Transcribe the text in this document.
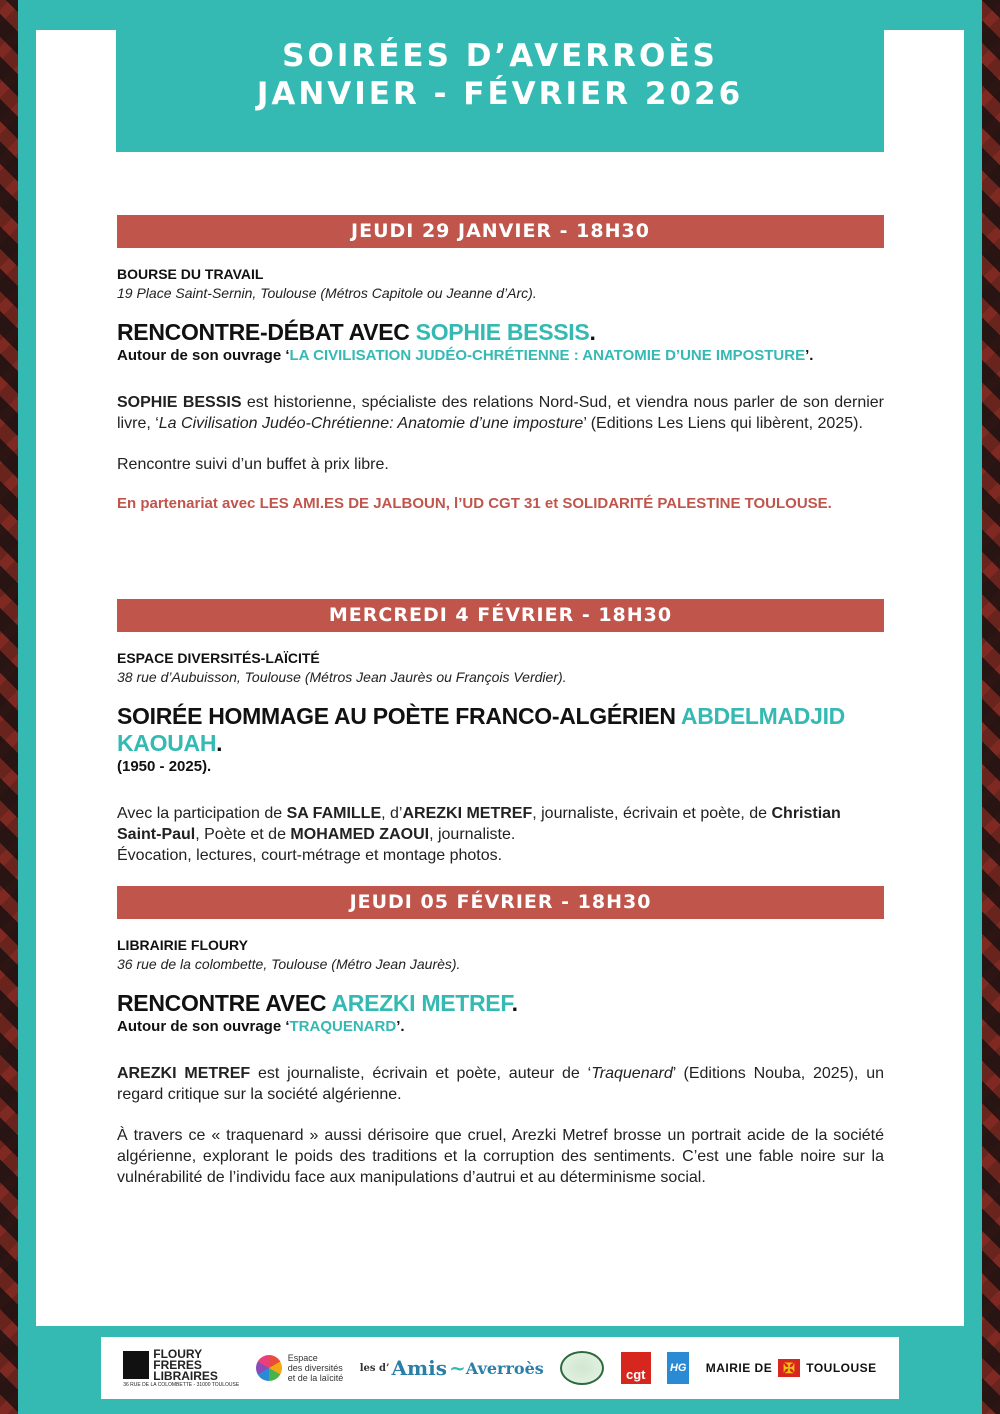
SOIRÉES D’AVERROÈS
JANVIER - FÉVRIER 2026
JEUDI 29 JANVIER - 18H30
BOURSE DU TRAVAIL
19 Place Saint-Sernin, Toulouse (Métros Capitole ou Jeanne d’Arc).
RENCONTRE-DÉBAT AVEC SOPHIE BESSIS.
Autour de son ouvrage ‘LA CIVILISATION JUDÉO-CHRÉTIENNE : ANATOMIE D’UNE IMPOSTURE’.
SOPHIE BESSIS est historienne, spécialiste des relations Nord-Sud, et viendra nous parler de son dernier livre, ‘La Civilisation Judéo-Chrétienne: Anatomie d’une imposture’ (Editions Les Liens qui libèrent, 2025).
Rencontre suivi d’un buffet à prix libre.
En partenariat avec LES AMI.ES DE JALBOUN, l’UD CGT 31 et SOLIDARITÉ PALESTINE TOULOUSE.
MERCREDI 4 FÉVRIER - 18H30
ESPACE DIVERSITÉS-LAÏCITÉ
38 rue d’Aubuisson, Toulouse (Métros Jean Jaurès ou François Verdier).
SOIRÉE HOMMAGE AU POÈTE FRANCO-ALGÉRIEN ABDELMADJID KAOUAH.
(1950 - 2025).
Avec la participation de SA FAMILLE, d’AREZKI METREF, journaliste, écrivain et poète, de Christian Saint-Paul, Poète et de MOHAMED ZAOUI, journaliste.
Évocation, lectures, court-métrage et montage photos.
JEUDI 05 FÉVRIER - 18H30
LIBRAIRIE FLOURY
36 rue de la colombette, Toulouse (Métro Jean Jaurès).
RENCONTRE AVEC AREZKI METREF.
Autour de son ouvrage ‘TRAQUENARD’.
AREZKI METREF est journaliste, écrivain et poète, auteur de ‘Traquenard’ (Editions Nouba, 2025), un regard critique sur la société algérienne.
À travers ce « traquenard » aussi dérisoire que cruel, Arezki Metref brosse un portrait acide de la société algérienne, explorant le poids des traditions et la corruption des sentiments. C’est une fable noire sur la vulnérabilité de l’individu face aux manipulations d’autrui et au déterminisme social.
FLOURY
FRERES
LIBRAIRES
36 RUE DE LA COLOMBETTE - 31000 TOULOUSE
Espace
des diversités
et de la laïcité
les d’ Amis ~ Averroès	cgt	HG MAIRIE DE ✠ TOULOUSE
